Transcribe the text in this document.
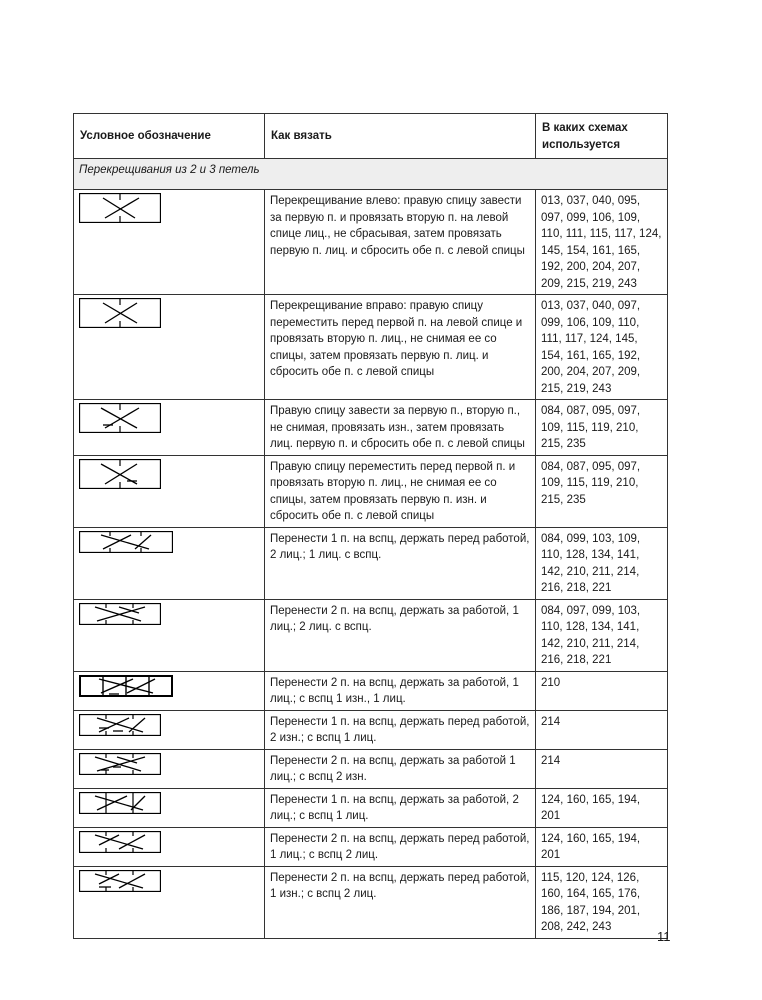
Условное обозначение	Как вязать	В каких схемах используется
Перекрещивания из 2 и 3 петель		

	Перекрещивание влево: правую спицу завести за первую п. и провязать вторую п. на левой спице лиц., не сбрасывая, затем провязать первую п. лиц. и сбросить обе п. с левой спицы	013, 037, 040, 095, 097, 099, 106, 109, 110, 111, 115, 117, 124, 145, 154, 161, 165, 192, 200, 204, 207, 209, 215, 219, 243

	Перекрещивание вправо: правую спицу переместить перед первой п. на левой спице и провязать вторую п. лиц., не снимая ее со спицы, затем провязать первую п. лиц. и сбросить обе п. с левой спицы	013, 037, 040, 097, 099, 106, 109, 110, 111, 117, 124, 145, 154, 161, 165, 192, 200, 204, 207, 209, 215, 219, 243

	Правую спицу завести за первую п., вторую п., не снимая, провязать изн., затем провязать лиц. первую п. и сбросить обе п. с левой спицы	084, 087, 095, 097, 109, 115, 119, 210, 215, 235

	Правую спицу переместить перед первой п. и провязать вторую п. лиц., не снимая ее со спицы, затем провязать первую п. изн. и сбросить обе п. с левой спицы	084, 087, 095, 097, 109, 115, 119, 210, 215, 235

	Перенести 1 п. на вспц, держать перед работой, 2 лиц.; 1 лиц. с вспц.	084, 099, 103, 109, 110, 128, 134, 141, 142, 210, 211, 214, 216, 218, 221

	Перенести 2 п. на вспц, держать за работой, 1 лиц.; 2 лиц. с вспц.	084, 097, 099, 103, 110, 128, 134, 141, 142, 210, 211, 214, 216, 218, 221

	Перенести 2 п. на вспц, держать за работой, 1 лиц.; с вспц 1 изн., 1 лиц.	210

	Перенести 1 п. на вспц, держать перед работой, 2 изн.; с вспц 1 лиц.	214

	Перенести 2 п. на вспц, держать за работой 1 лиц.; с вспц 2 изн.	214

	Перенести 1 п. на вспц, держать за работой, 2 лиц.; с вспц 1 лиц.	124, 160, 165, 194, 201

	Перенести 2 п. на вспц, держать перед работой, 1 лиц.; с вспц 2 лиц.	124, 160, 165, 194, 201

	Перенести 2 п. на вспц, держать перед работой, 1 изн.; с вспц 2 лиц.	115, 120, 124, 126, 160, 164, 165, 176, 186, 187, 194, 201, 208, 242, 243
11
